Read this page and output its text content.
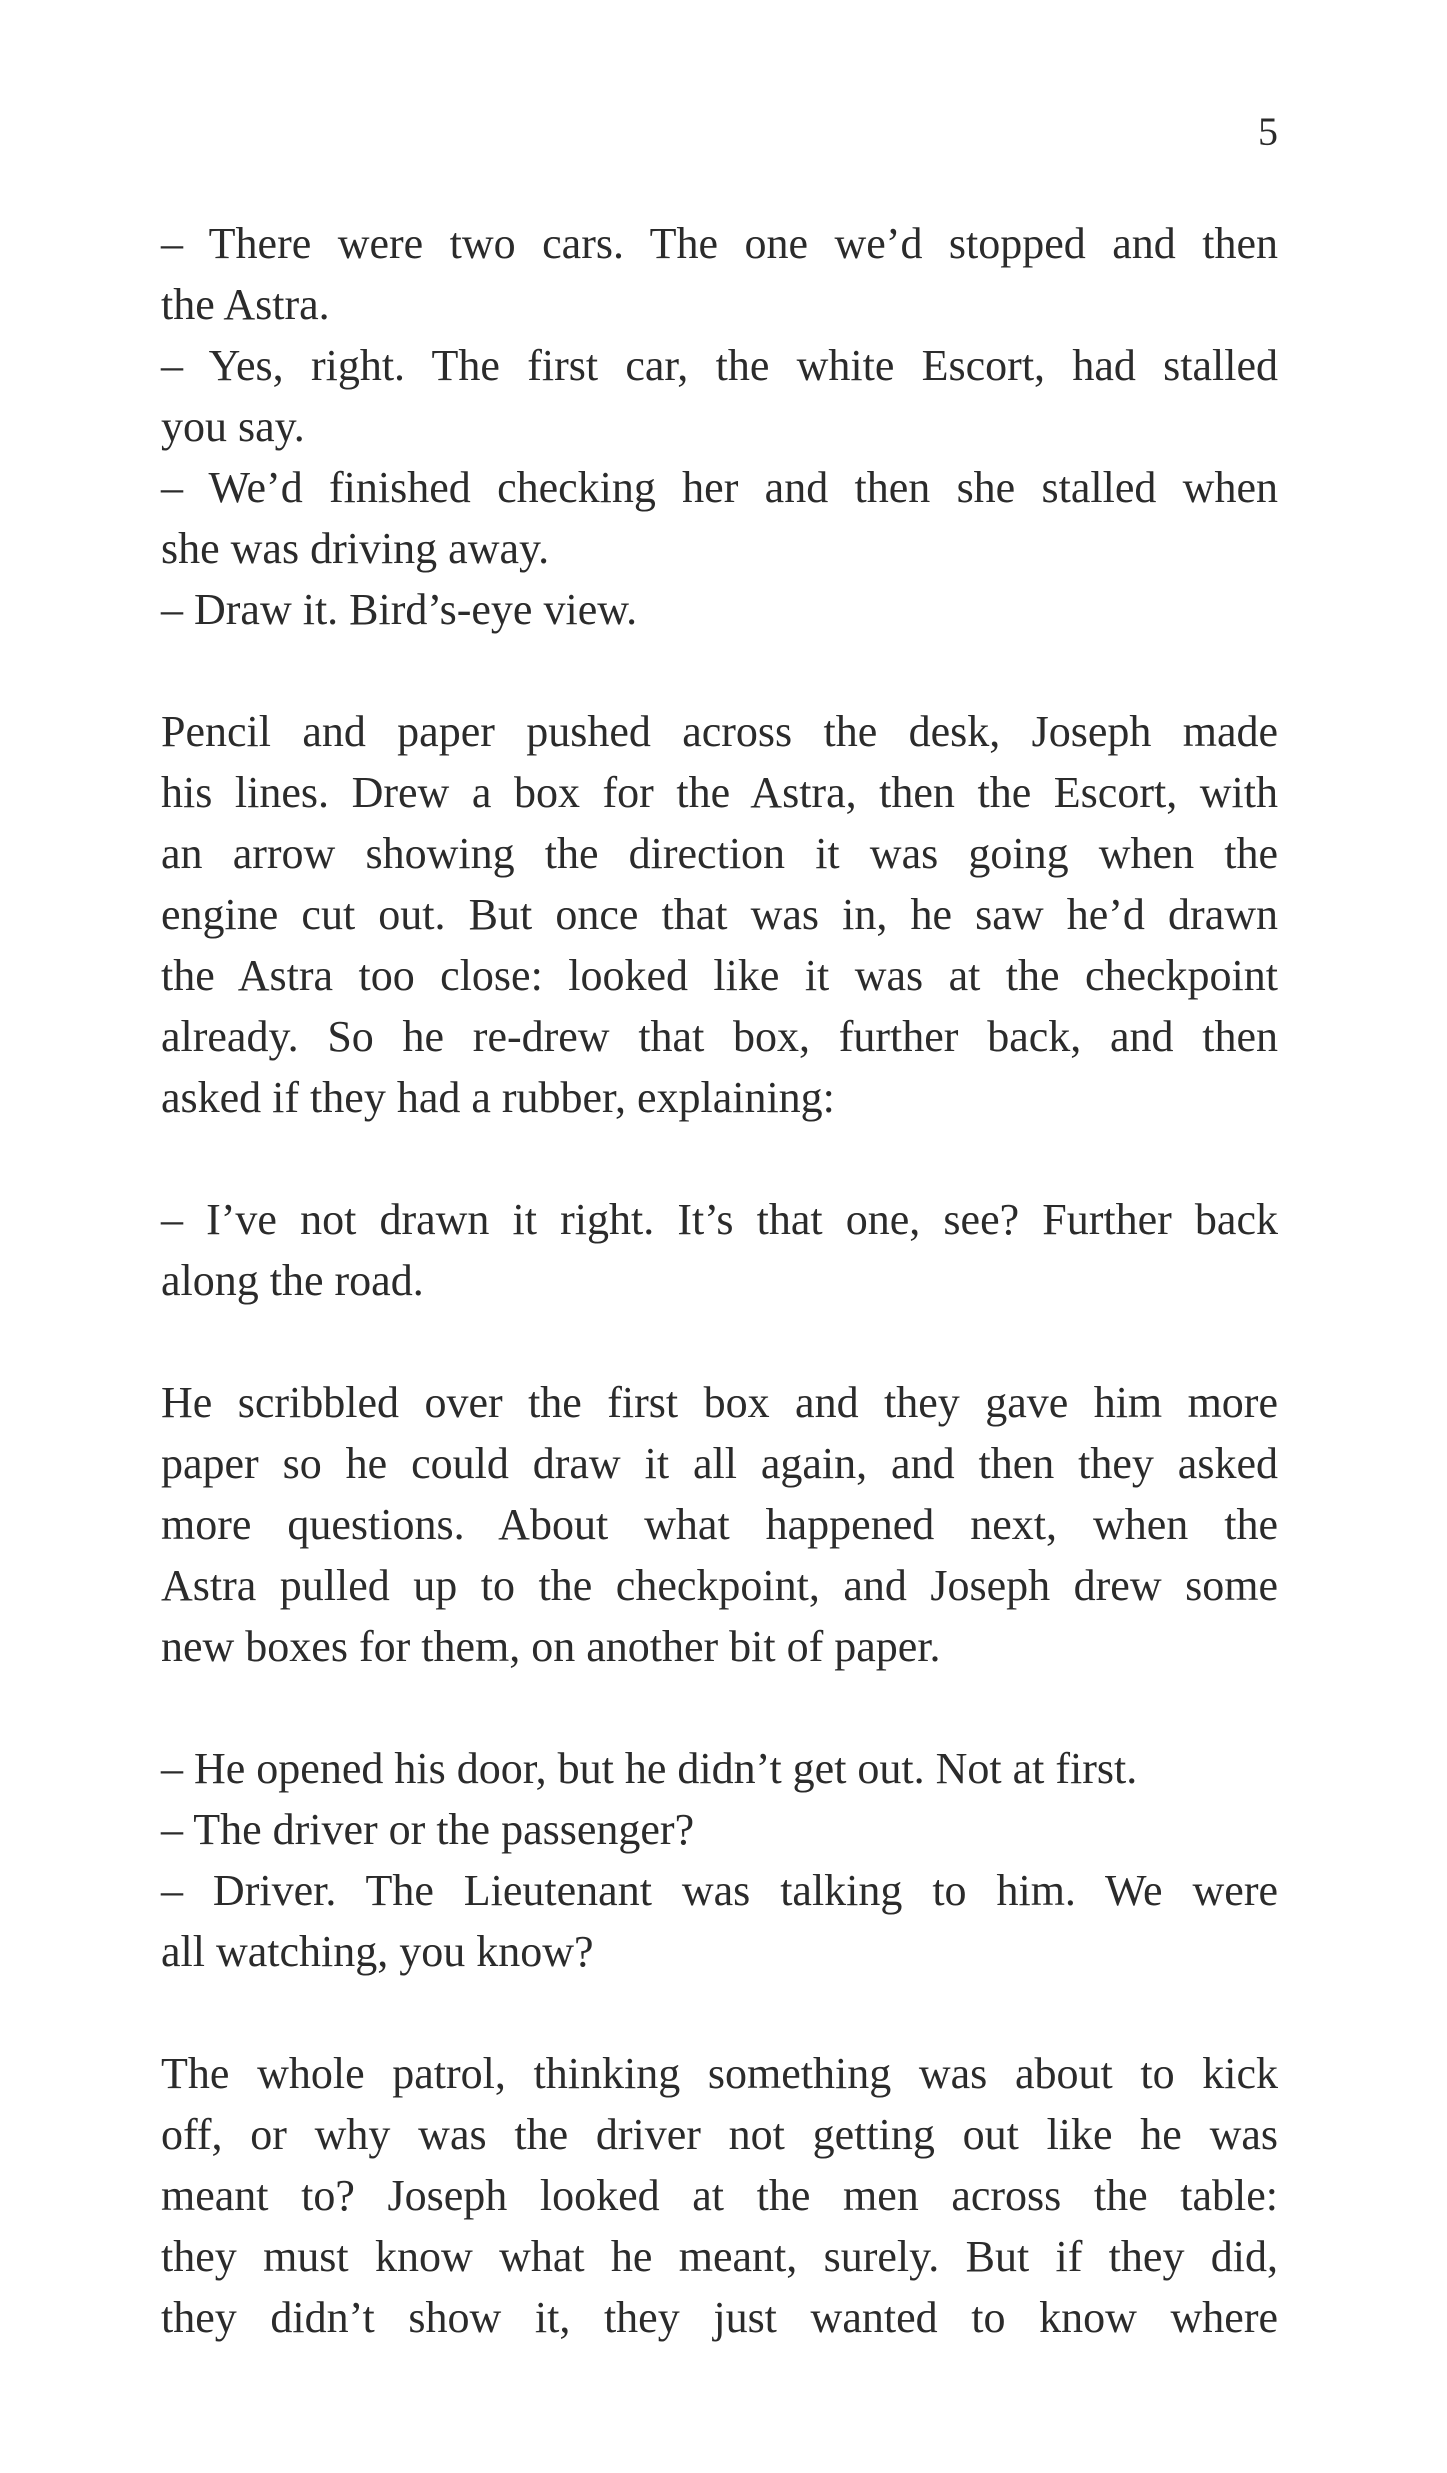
5
– There were two cars. The one we’d stopped and then
the Astra.
– Yes, right. The first car, the white Escort, had stalled
you say.
– We’d finished checking her and then she stalled when
she was driving away.
– Draw it. Bird’s-eye view.
Pencil and paper pushed across the desk, Joseph made
his lines. Drew a box for the Astra, then the Escort, with
an arrow showing the direction it was going when the
engine cut out. But once that was in, he saw he’d drawn
the Astra too close: looked like it was at the checkpoint
already. So he re-drew that box, further back, and then
asked if they had a rubber, explaining:
– I’ve not drawn it right. It’s that one, see? Further back
along the road.
He scribbled over the first box and they gave him more
paper so he could draw it all again, and then they asked
more questions. About what happened next, when the
Astra pulled up to the checkpoint, and Joseph drew some
new boxes for them, on another bit of paper.
– He opened his door, but he didn’t get out. Not at first.
– The driver or the passenger?
– Driver. The Lieutenant was talking to him. We were
all watching, you know?
The whole patrol, thinking something was about to kick
off, or why was the driver not getting out like he was
meant to? Joseph looked at the men across the table:
they must know what he meant, surely. But if they did,
they didn’t show it, they just wanted to know where
